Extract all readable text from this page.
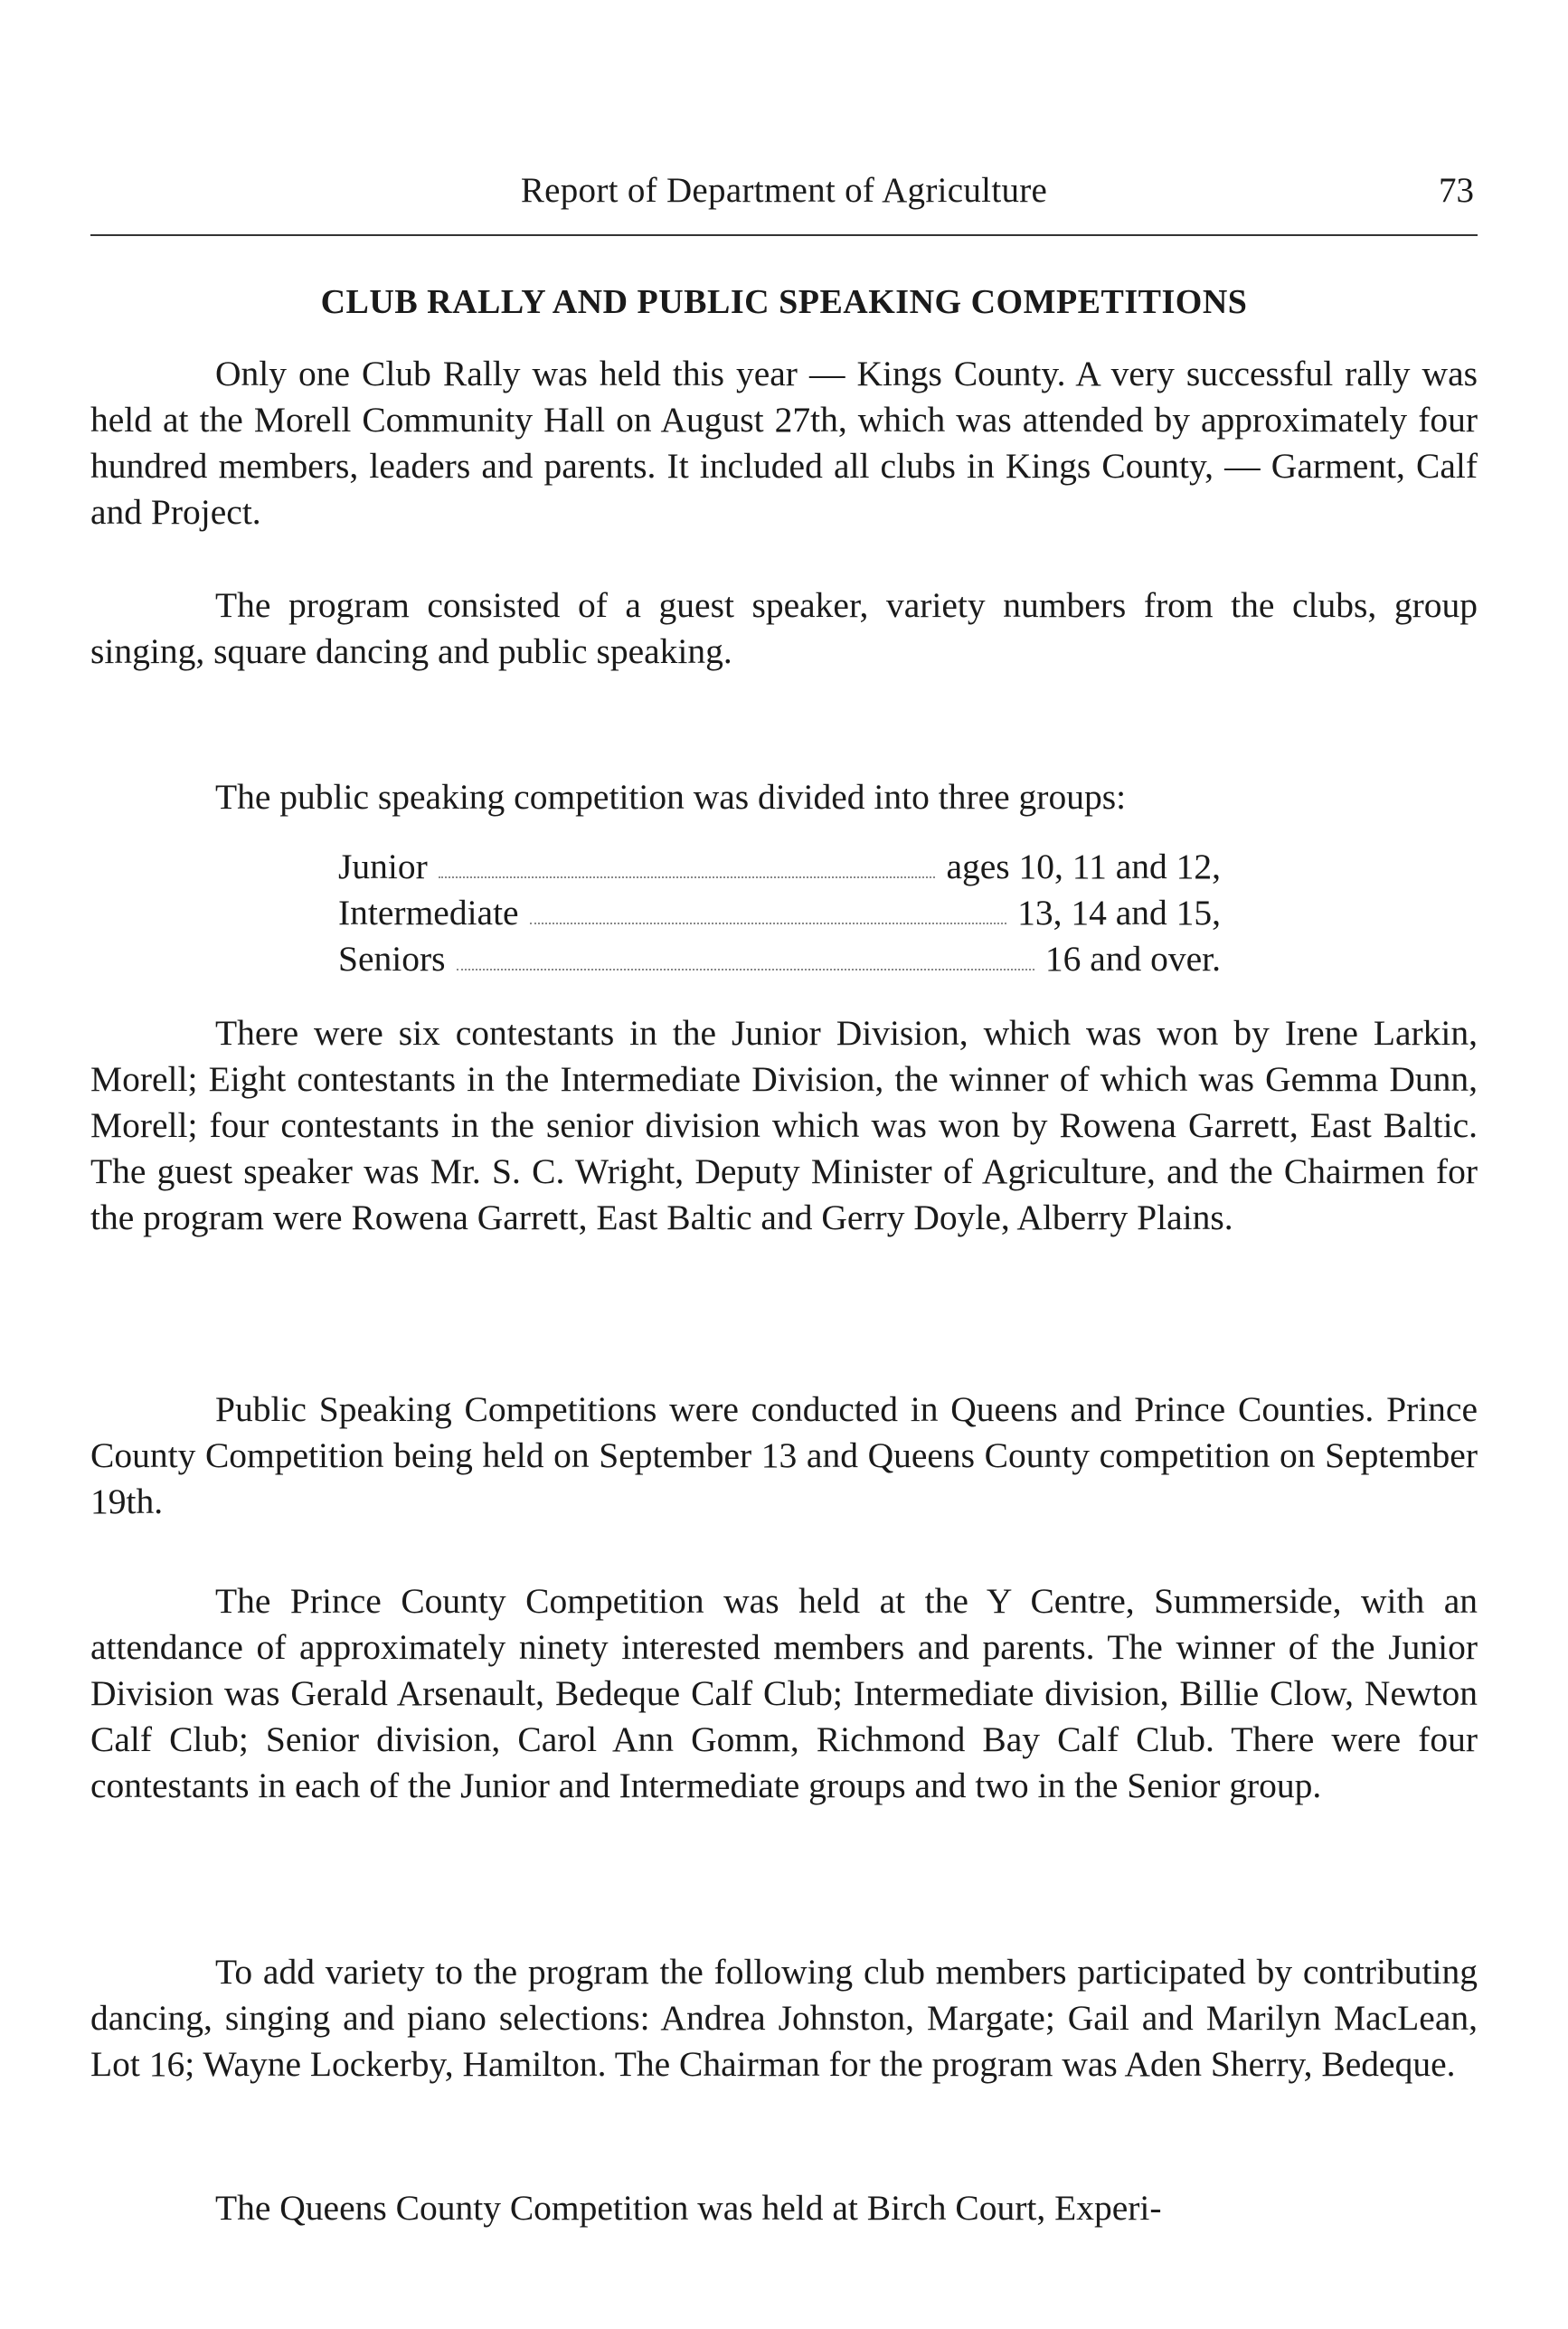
Report of Department of Agriculture	73
CLUB RALLY AND PUBLIC SPEAKING COMPETITIONS

Only one Club Rally was held this year — Kings County. A very successful rally was held at the Morell Community Hall on August 27th, which was attended by approximately four hundred members, leaders and parents. It included all clubs in Kings County, — Garment, Calf and Project.

The program consisted of a guest speaker, variety numbers from the clubs, group singing, square dancing and public speaking.

The public speaking competition was divided into three groups:

Junior	ages 10, 11 and 12,
Intermediate	13, 14 and 15,
Seniors	16 and over.

There were six contestants in the Junior Division, which was won by Irene Larkin, Morell; Eight contestants in the Intermediate Division, the winner of which was Gemma Dunn, Morell; four contestants in the senior division which was won by Rowena Garrett, East Baltic. The guest speaker was Mr. S. C. Wright, Deputy Minister of Agriculture, and the Chairmen for the program were Rowena Garrett, East Baltic and Gerry Doyle, Alberry Plains.

Public Speaking Competitions were conducted in Queens and Prince Counties. Prince County Competition being held on September 13 and Queens County competition on September 19th.

The Prince County Competition was held at the Y Centre, Summerside, with an attendance of approximately ninety interested members and parents. The winner of the Junior Division was Gerald Arsenault, Bedeque Calf Club; Intermediate division, Billie Clow, Newton Calf Club; Senior division, Carol Ann Gomm, Richmond Bay Calf Club. There were four contestants in each of the Junior and Intermediate groups and two in the Senior group.

To add variety to the program the following club members participated by contributing dancing, singing and piano selections: Andrea Johnston, Margate; Gail and Marilyn MacLean, Lot 16; Wayne Lockerby, Hamilton. The Chairman for the program was Aden Sherry, Bedeque.

The Queens County Competition was held at Birch Court, Experi-
